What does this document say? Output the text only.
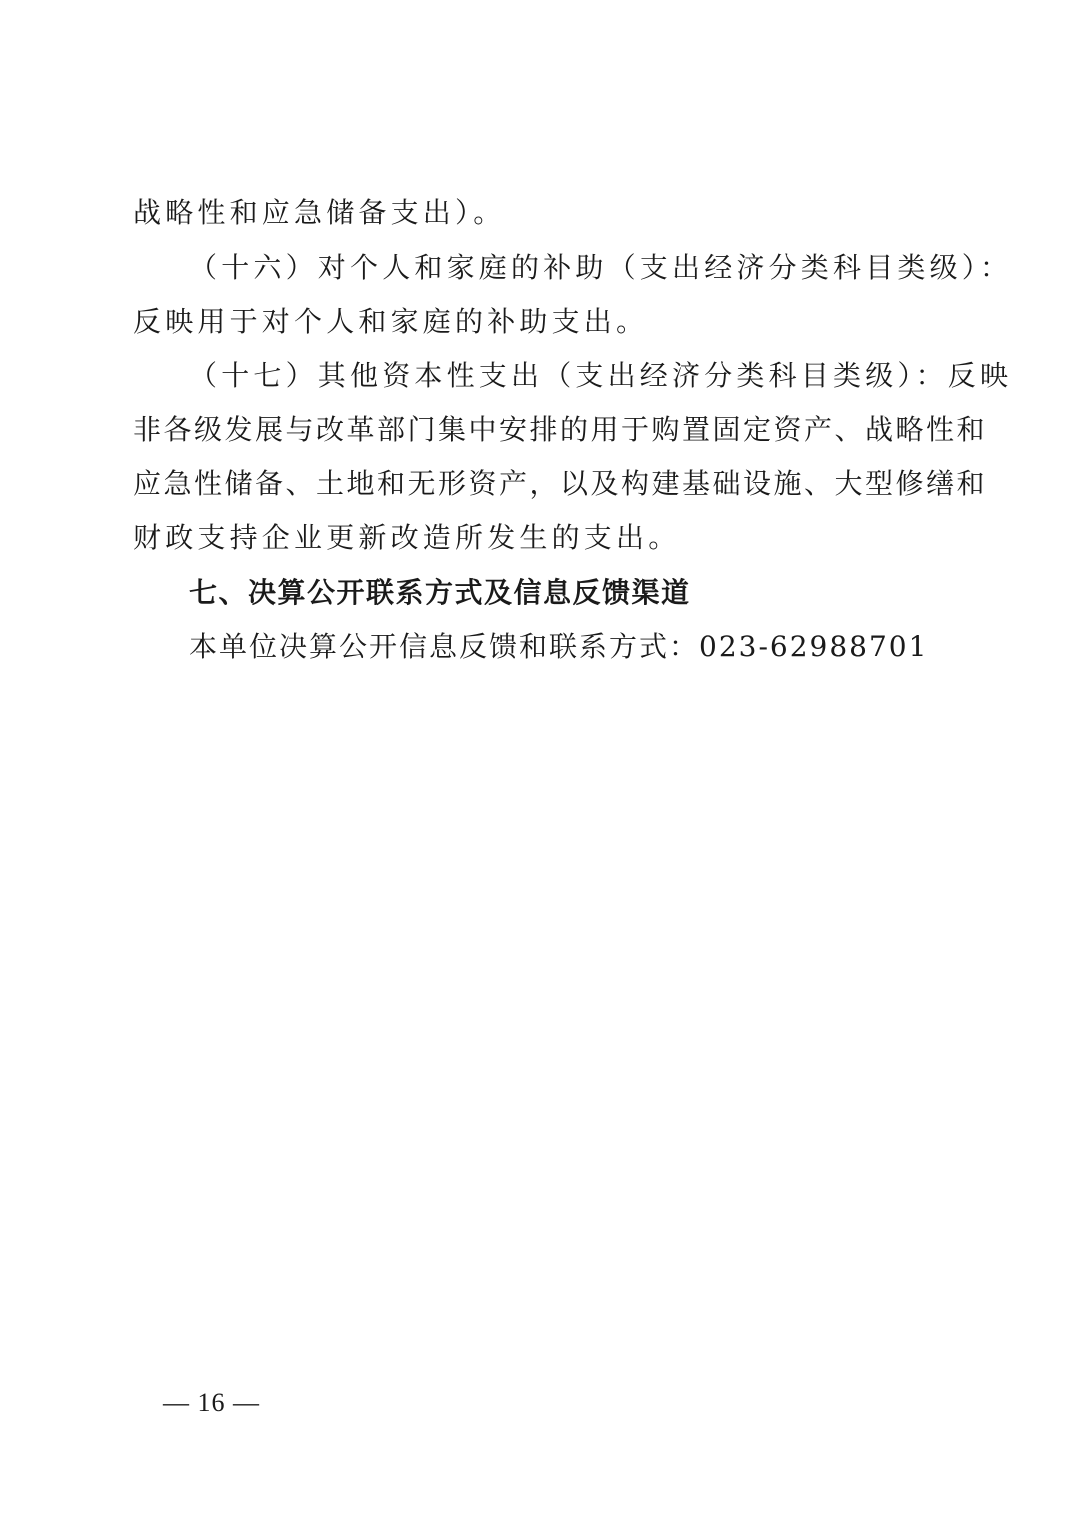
战略性和应急储备支出）。
（十六）对个人和家庭的补助（支出经济分类科目类级）：
反映用于对个人和家庭的补助支出。
（十七）其他资本性支出（支出经济分类科目类级）：反映
非各级发展与改革部门集中安排的用于购置固定资产、战略性和
应急性储备、土地和无形资产，以及构建基础设施、大型修缮和
财政支持企业更新改造所发生的支出。
七、决算公开联系方式及信息反馈渠道
本单位决算公开信息反馈和联系方式：023-62988701
— 16 —
